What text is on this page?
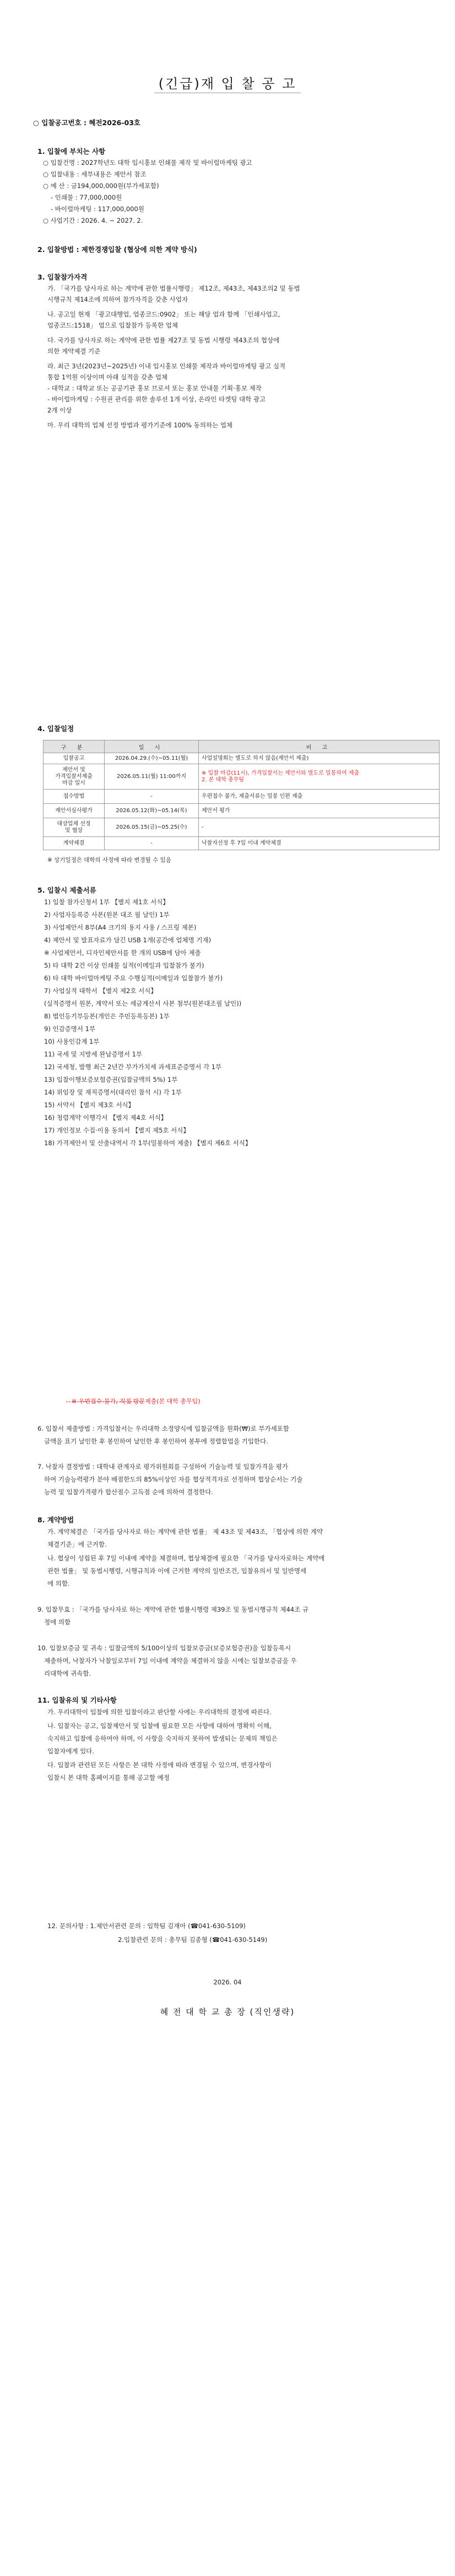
(긴급)재 입 찰 공 고
○ 입찰공고번호 : 혜전2026-03호
1. 입찰에 부치는 사항
○ 입찰건명 : 2027학년도 대학 입시홍보 인쇄물 제작 및 바이럴마케팅 광고
○ 입찰내용 : 세부내용은 제안서 참조
○ 예 산 : 금194,000,000원(부가세포함)
- 인쇄물 : 77,000,000원
- 바이럴마케팅 : 117,000,000원
○ 사업기간 : 2026. 4. ~ 2027. 2.
2. 입찰방법 : 제한경쟁입찰 (협상에 의한 계약 방식)
3. 입찰참가자격
가. 「국가를 당사자로 하는 계약에 관한 법률시행령」 제12조, 제43조, 제43조의2 및 동법
시행규칙 제14조에 의하여 참가자격을 갖춘 사업자
나. 공고일 현재 「광고대행업, 업종코드:0902」 또는 해당 업과 함께 「인쇄사업고,
업종코드:1518」 업으로 입찰참가 등록한 업체
다. 국가를 당사자로 하는 계약에 관한 법률 제27조 및 동법 시행령 제43조의 협상에
의한 계약제결 기준
라. 최근 3년(2023년~2025년) 이내 입시홍보 인쇄물 제작과 바이럴마케팅 광고 실적
통합 1억원 이상이며 아래 실적을 갖춘 업체
- 대학교 : 대학교 또는 공공기관 홍보 브로셔 또는 홍보 안내물 기획·홍보 제작
- 바이럴마케팅 : 수원권 관리를 위한 솔루션 1개 이상, 온라인 타겟팅 대학 광고
2개 이상
마. 우리 대학의 업체 선정 방법과 평가기준에 100% 동의하는 업체
4. 입찰일정
구 분	일 시	비 고
입찰공고	2026.04.29.(수)~05.11(월)	사업설명회는 별도로 하지 않음(제안서 제출)
제안서 및
가격입찰서제출
마감 일시	2026.05.11(월) 11:00까지	※ 입찰 마감(11시), 가격입찰서는 제안서와 별도로 밀봉하여 제출
2. 본 대학 총무팀
접수방법	-	우편접수 불가, 제출서류는 밀봉 인편 제출
제안서심사평가	2026.05.12(화)~05.14(목)	제안서 평가
대상업체 선정
및 협상	2026.05.15(금)~05.25(수)	-
계약체결	-	낙찰자선정 후 7일 이내 계약체결
※ 상기일정은 대학의 사정에 따라 변경될 수 있음
5. 입찰시 제출서류
1) 입찰 참가신청서 1부 【별지 제1호 서식】
2) 사업자등록증 사본(원본 대조 필 날인) 1부
3) 사업제안서 8부(A4 크기의 용지 사용 / 스프링 제본)
4) 제안서 및 발표자료가 담긴 USB 1개(공간에 업체명 기재)
※ 사업제안서, 디자인제안서를 한 개의 USB에 담아 제출
5) 타 대학 2건 이상 인쇄물 실적(이메일과 입찰참가 불가)
6) 타 대학 바이럴마케팅 주요 수행실적(이메일과 입찰참가 불가)
7) 사업실적 대학서 【별지 제2호 서식】
(실적증명서 원본, 계약서 또는 세금계산서 사본 첨부(원본대조필 날인))
8) 법인등기부등본(개인은 주민등록등본) 1부
9) 인감증명서 1부
10) 사용인감계 1부
11) 국세 및 지방세 완납증명서 1부
12) 국세청, 발행 최근 2년간 부가가치세 과세표준증명서 각 1부
13) 입찰이행보증보험증권(입찰금액의 5%) 1부
14) 위임장 및 재직증명서(대리인 참석 시) 각 1부
15) 서약서 【별지 제3호 서식】
16) 청렴계약 이행각서 【별지 제4호 서식】
17) 개인정보 수집·이용 동의서 【별지 제5호 서식】
18) 가격제안서 및 산출내역서 각 1부(밀봉하여 제출) 【별지 제6호 서식】
※ 우편접수 불가, 직접 방문제출(본 대학 총무팀)
6. 입찰서 제출방법 : 가격입찰서는 우리대학 소정양식에 입찰금액을 원화(₩)로 부가세포함
금액을 표기 날인한 후 봉인하여 날인한 후 봉인하여 봉투에 정렬합업을 기입한다.
7. 낙찰자 결정방법 : 대학내 관계자로 평가위원회를 구성하여 기술능력 및 입찰가격을 평가
하여 기술능력평가 분야 배점한도의 85%이상인 자를 협상적격자로 선정하며 협상순서는 기술
능력 및 입찰가격평가 합산점수 고득점 순에 의하여 결정한다.
8. 계약방법
가. 계약체결은 「국가를 당사자로 하는 계약에 관한 법률」 제 43조 및 제43조, 「협상에 의한 계약
체결기준」에 근거함.
나. 협상이 성립된 후 7일 이내에 계약을 체결하며, 협상체결에 필요한 「국가를 당사자로하는 계약에
관한 법률」 및 동법시행령, 시행규칙과 이에 근거한 계약의 일반조건, 입찰유의서 및 일반명세
에 의함.
9. 입찰무효 : 「국가를 당사자로 하는 계약에 관한 법률시행령 제39조 및 동법시행규칙 제44조 규
정에 의함
10. 입찰보증금 및 귀속 : 입찰금액의 5/100이상의 입찰보증금(보증보험증권)을 입찰등록시
제출하며, 낙찰자가 낙찰일로부터 7일 이내에 계약을 체결하지 않을 시에는 입찰보증금을 우
리대학에 귀속함.
11. 입찰유의 및 기타사항
가. 우리대학이 입찰에 의한 입찰이라고 판단할 사에는 우리대학의 결정에 따른다.
나. 입찰자는 공고, 입찰제안서 및 입찰에 필요한 모든 사항에 대하여 명확히 이해,
숙지하고 입찰에 응하여야 하며, 이 사항을 숙지하지 못하여 발생되는 문제의 책임은
입찰자에게 있다.
다. 입찰과 관련된 모든 사항은 본 대학 사정에 따라 변경될 수 있으며, 변경사항이
입찰시 본 대학 홈페이지를 통해 공고할 예정
12. 문의사항 : 1.제안서관련 문의 : 입학팀 김재아 (☎041-630-5109)
2.입찰관련 문의 : 총무팀 김종형 (☎041-630-5149)
2026. 04
혜 전 대 학 교 총 장 (직인생략)
